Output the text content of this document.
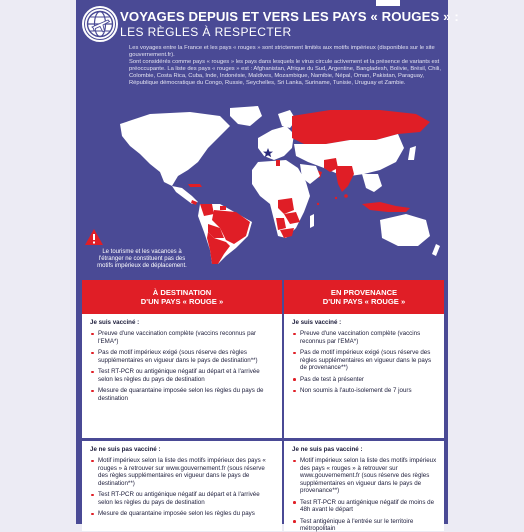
VOYAGES DEPUIS ET VERS LES PAYS « ROUGES » :
LES RÈGLES À RESPECTER

Les voyages entre la France et les pays « rouges » sont strictement limités aux motifs impérieux (disponibles sur le site gouvernement.fr).

Sont considérés comme pays « rouges » les pays dans lesquels le virus circule activement et la présence de variants est préoccupante. La liste des pays « rouges » est : Afghanistan, Afrique du Sud, Argentine, Bangladesh, Bolivie, Brésil, Chili, Colombie, Costa Rica, Cuba, Inde, Indonésie, Maldives, Mozambique, Namibie, Népal, Oman, Pakistan, Paraguay, République démocratique du Congo, Russie, Seychelles, Sri Lanka, Suriname, Tunisie, Uruguay et Zambie.

Le tourisme et les vacances à
l'étranger ne constituent pas des
motifs impérieux de déplacement.
À DESTINATION
D'UN PAYS « ROUGE »
EN PROVENANCE
D'UN PAYS « ROUGE »
Je suis vacciné :
Preuve d'une vaccination complète (vaccins reconnus par l'EMA*)
Pas de motif impérieux exigé (sous réserve des règles supplémentaires en vigueur dans le pays de destination**)
Test RT-PCR ou antigénique négatif au départ et à l'arrivée selon les règles du pays de destination
Mesure de quarantaine imposée selon les règles du pays de destination
Je suis vacciné :
Preuve d'une vaccination complète (vaccins reconnus par l'EMA*)
Pas de motif impérieux exigé (sous réserve des règles supplémentaires en vigueur dans le pays de provenance**)
Pas de test à présenter
Non soumis à l'auto-isolement de 7 jours
Je ne suis pas vacciné :
Motif impérieux selon la liste des motifs impérieux des pays « rouges » à retrouver sur www.gouvernement.fr (sous réserve des règles supplémentaires en vigueur dans le pays de destination**)
Test RT-PCR ou antigénique négatif au départ et à l'arrivée selon les règles du pays de destination
Mesure de quarantaine imposée selon les règles du pays
Je ne suis pas vacciné :
Motif impérieux selon la liste des motifs impérieux des pays « rouges » à retrouver sur www.gouvernement.fr (sous réserve des règles supplémentaires en vigueur dans le pays de provenance**)
Test RT-PCR ou antigénique négatif de moins de 48h avant le départ
Test antigénique à l'entrée sur le territoire métropolitain
